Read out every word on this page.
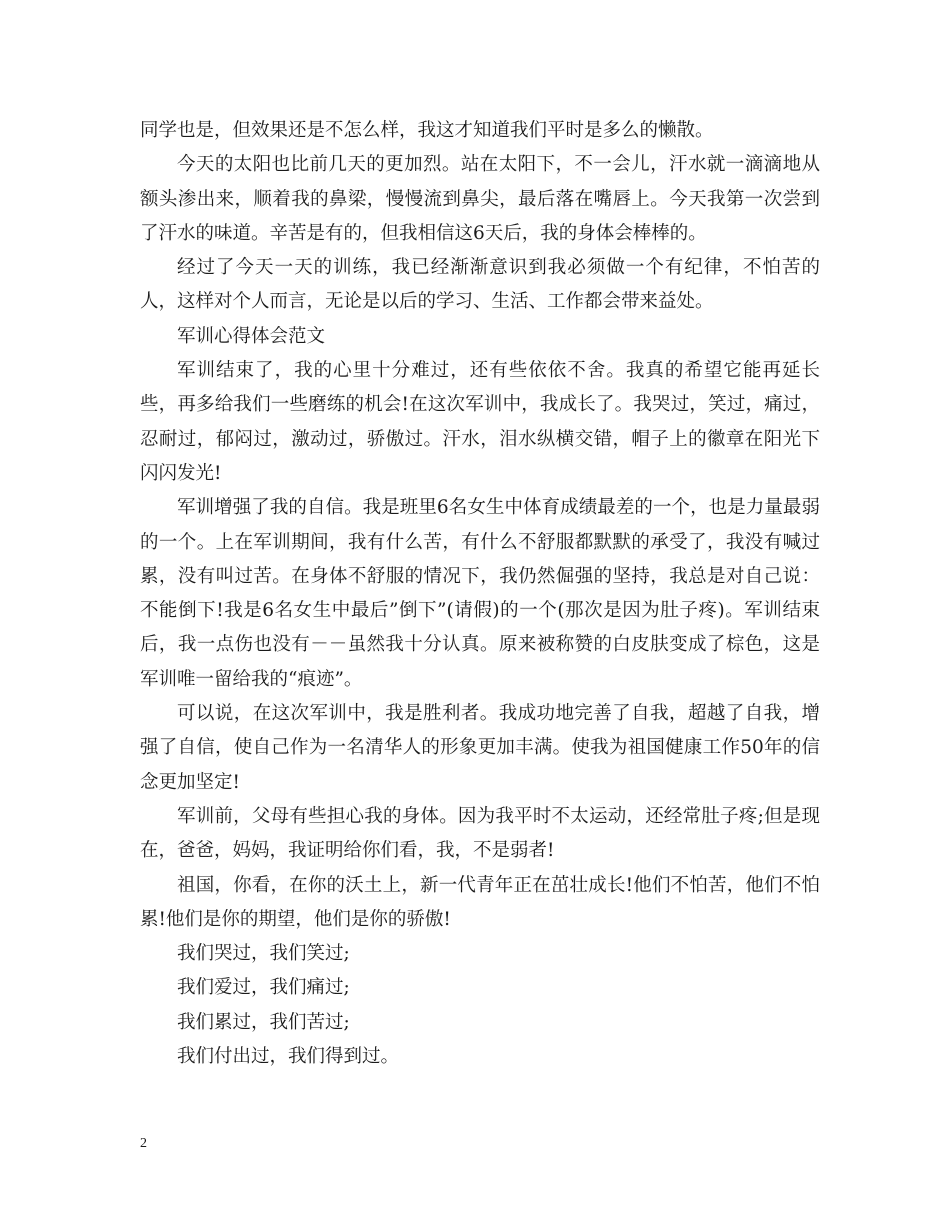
同学也是，但效果还是不怎么样，我这才知道我们平时是多么的懒散。

今天的太阳也比前几天的更加烈。站在太阳下，不一会儿，汗水就一滴滴地从额头渗出来，顺着我的鼻梁，慢慢流到鼻尖，最后落在嘴唇上。今天我第一次尝到了汗水的味道。辛苦是有的，但我相信这6天后，我的身体会棒棒的。

经过了今天一天的训练，我已经渐渐意识到我必须做一个有纪律，不怕苦的人，这样对个人而言，无论是以后的学习、生活、工作都会带来益处。

军训心得体会范文

军训结束了，我的心里十分难过，还有些依依不舍。我真的希望它能再延长些，再多给我们一些磨练的机会!在这次军训中，我成长了。我哭过，笑过，痛过，忍耐过，郁闷过，激动过，骄傲过。汗水，泪水纵横交错，帽子上的徽章在阳光下闪闪发光!

军训增强了我的自信。我是班里6名女生中体育成绩最差的一个，也是力量最弱的一个。上在军训期间，我有什么苦，有什么不舒服都默默的承受了，我没有喊过累，没有叫过苦。在身体不舒服的情况下，我仍然倔强的坚持，我总是对自己说：不能倒下!我是6名女生中最后”倒下”(请假)的一个(那次是因为肚子疼)。军训结束后，我一点伤也没有－－虽然我十分认真。原来被称赞的白皮肤变成了棕色，这是军训唯一留给我的“痕迹”。

可以说，在这次军训中，我是胜利者。我成功地完善了自我，超越了自我，增强了自信，使自己作为一名清华人的形象更加丰满。使我为祖国健康工作50年的信念更加坚定!

军训前，父母有些担心我的身体。因为我平时不太运动，还经常肚子疼;但是现在，爸爸，妈妈，我证明给你们看，我，不是弱者!

祖国，你看，在你的沃土上，新一代青年正在茁壮成长!他们不怕苦，他们不怕累!他们是你的期望，他们是你的骄傲!

我们哭过，我们笑过;

我们爱过，我们痛过;

我们累过，我们苦过;

我们付出过，我们得到过。

2
